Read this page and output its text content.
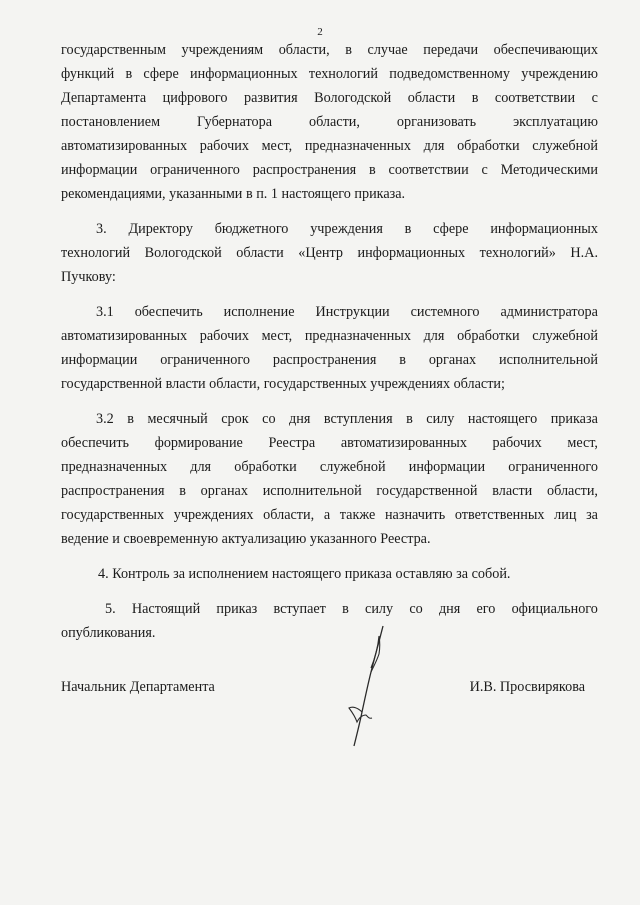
2
государственным учреждениям области, в случае передачи обеспечивающих
функций в сфере информационных технологий подведомственному учреждению
Департамента цифрового развития Вологодской области в соответствии с
постановлением	Губернатора	области,	организовать	эксплуатацию
автоматизированных рабочих мест, предназначенных для обработки служебной
информации ограниченного распространения в соответствии с Методическими
рекомендациями, указанными в п. 1 настоящего приказа.
3. Директору бюджетного учреждения в сфере информационных
технологий Вологодской области «Центр информационных технологий» Н.А.
Пучкову:
3.1 обеспечить исполнение Инструкции системного администратора
автоматизированных рабочих мест, предназначенных для обработки служебной
информации ограниченного распространения в органах исполнительной
государственной власти области, государственных учреждениях области;
3.2 в месячный срок со дня вступления в силу настоящего приказа
обеспечить формирование Реестра автоматизированных рабочих мест,
предназначенных для обработки служебной информации ограниченного
распространения в органах исполнительной государственной власти области,
государственных учреждениях области, а также назначить ответственных лиц за
ведение и своевременную актуализацию указанного Реестра.
4. Контроль за исполнением настоящего приказа оставляю за собой.
5. Настоящий приказ вступает в силу со дня его официального
опубликования.
Начальник Департамента	И.В. Просвирякова
